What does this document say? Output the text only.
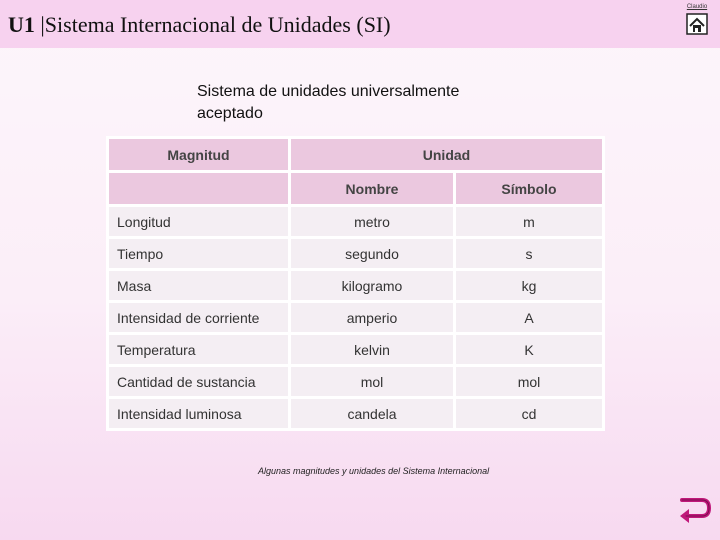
U1 |Sistema Internacional de Unidades (SI)
Claudio
Sistema de unidades universalmente aceptado
Magnitud	Unidad	
	Nombre	Símbolo
Longitud	metro	m
Tiempo	segundo	s
Masa	kilogramo	kg
Intensidad de corriente	amperio	A
Temperatura	kelvin	K
Cantidad de sustancia	mol	mol
Intensidad luminosa	candela	cd
Algunas magnitudes y unidades del Sistema Internacional
